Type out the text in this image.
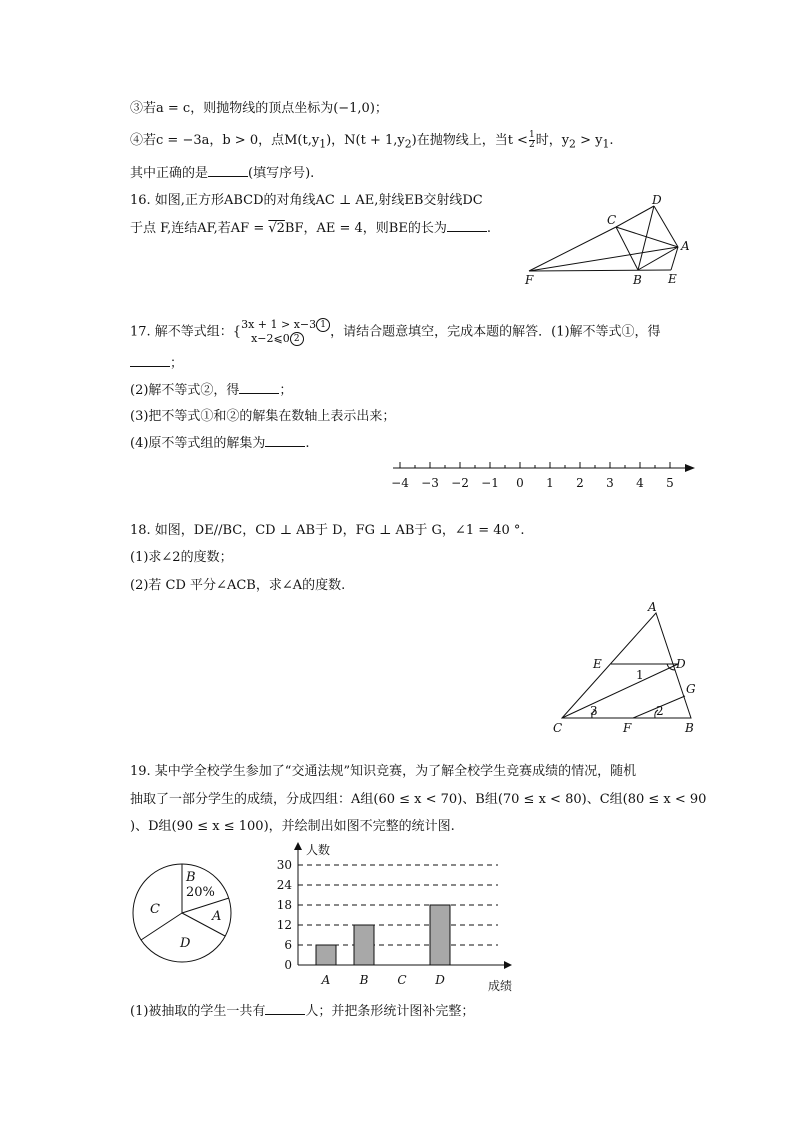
③若a = c，则抛物线的顶点坐标为(−1,0)；
④若c = −3a，b > 0，点$M(t,y_1)$，$N(t + 1,y_2)$在抛物线上，当$t < \frac{1}{2}$ 时，$y_2 > y_1$.
其中正确的是	(填写序号).
16. 如图,正方形ABCD的对角线AC ⊥ AE,射线EB交射线DC
于点 F,连结AF,若AF = √2BF，AE = 4，则BE的长为	.
D
C
A
F	B E
17. 解不等式组：{ 3x + 1 > x−3 1
x−2⩽0 2	，请结合题意填空，完成本题的解答．(1)解不等式①，得
；
(2)解不等式②，得	；
(3)把不等式①和②的解集在数轴上表示出来；
(4)原不等式组的解集为	.
−4 −3 −2 −1 0 1 2 3 4 5
18. 如图，DE//BC，CD ⊥ AB于 D，FG ⊥ AB于 G，∠1 = 40 °.
(1)求∠2的度数；
(2)若 CD 平分∠ACB，求∠A的度数.
A
E	D
G
C	F	B
1
2
3
19. 某中学全校学生参加了“交通法规”知识竞赛，为了解全校学生竞赛成绩的情况，随机
抽取了一部分学生的成绩，分成四组：A组(60 ≤ x < 70)、B组(70 ≤ x < 80)、C组(80 ≤ x < 90
)、D组(90 ≤ x ≤ 100)，并绘制出如图不完整的统计图.
B
A
C
D
20%
0
6
12
18
24
30
人数
成绩
A B C D
(1)被抽取的学生一共有	人；并把条形统计图补完整；
